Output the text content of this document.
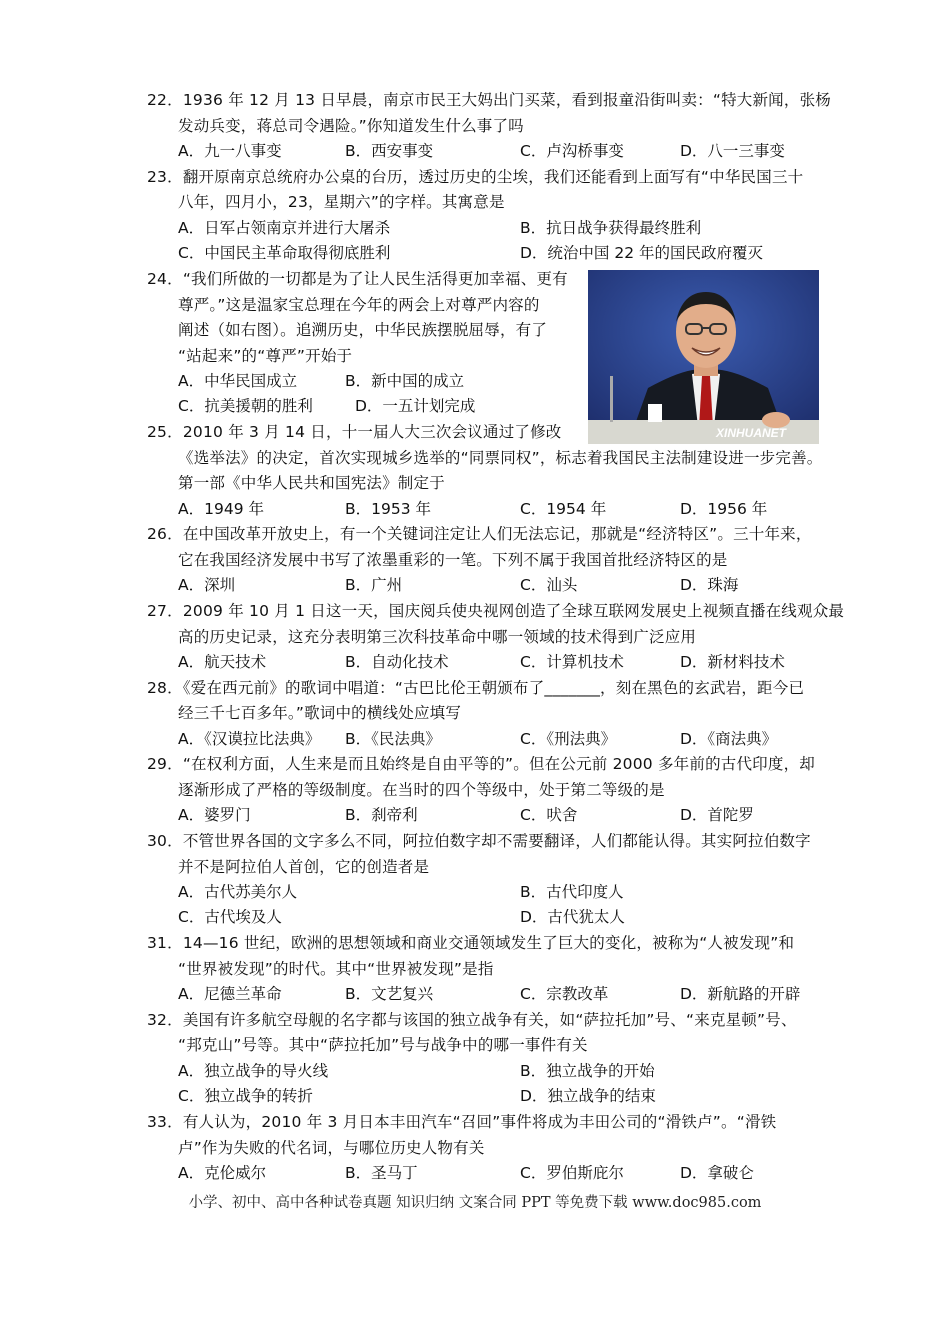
22．1936 年 12 月 13 日早晨，南京市民王大妈出门买菜，看到报童沿街叫卖：“特大新闻，张杨
发动兵变，蒋总司令遇险。”你知道发生什么事了吗
A．九一八事变	B．西安事变	C．卢沟桥事变	D．八一三事变
23．翻开原南京总统府办公桌的台历，透过历史的尘埃，我们还能看到上面写有“中华民国三十
八年，四月小，23，星期六”的字样。其寓意是
A．日军占领南京并进行大屠杀	B．抗日战争获得最终胜利
C．中国民主革命取得彻底胜利	D．统治中国 22 年的国民政府覆灭
24．“我们所做的一切都是为了让人民生活得更加幸福、更有
尊严。”这是温家宝总理在今年的两会上对尊严内容的
阐述（如右图）。追溯历史，中华民族摆脱屈辱，有了
“站起来”的“尊严”开始于
A．中华民国成立	B．新中国的成立
C．抗美援朝的胜利	D．一五计划完成
25．2010 年 3 月 14 日，十一届人大三次会议通过了修改
《选举法》的决定，首次实现城乡选举的“同票同权”，标志着我国民主法制建设进一步完善。
第一部《中华人民共和国宪法》制定于
A．1949 年	B．1953 年	C．1954 年	D．1956 年
26．在中国改革开放史上，有一个关键词注定让人们无法忘记，那就是“经济特区”。三十年来，
它在我国经济发展中书写了浓墨重彩的一笔。下列不属于我国首批经济特区的是
A．深圳	B．广州	C．汕头	D．珠海
27．2009 年 10 月 1 日这一天，国庆阅兵使央视网创造了全球互联网发展史上视频直播在线观众最
高的历史记录，这充分表明第三次科技革命中哪一领域的技术得到广泛应用
A．航天技术	B．自动化技术	C．计算机技术	D．新材料技术
28．《爱在西元前》的歌词中唱道：“古巴比伦王朝颁布了_______，刻在黑色的玄武岩，距今已
经三千七百多年。”歌词中的横线处应填写
A．《汉谟拉比法典》 B．《民法典》	C．《刑法典》	D．《商法典》
29．“在权利方面，人生来是而且始终是自由平等的”。但在公元前 2000 多年前的古代印度，却
逐渐形成了严格的等级制度。在当时的四个等级中，处于第二等级的是
A．婆罗门	B．刹帝利	C．吠舍	D．首陀罗
30．不管世界各国的文字多么不同，阿拉伯数字却不需要翻译，人们都能认得。其实阿拉伯数字
并不是阿拉伯人首创，它的创造者是
A．古代苏美尔人	B．古代印度人
C．古代埃及人	D．古代犹太人
31．14—16 世纪，欧洲的思想领域和商业交通领域发生了巨大的变化，被称为“人被发现”和
“世界被发现”的时代。其中“世界被发现”是指
A．尼德兰革命	B．文艺复兴	C．宗教改革	D．新航路的开辟
32．美国有许多航空母舰的名字都与该国的独立战争有关，如“萨拉托加”号、“来克星顿”号、
“邦克山”号等。其中“萨拉托加”号与战争中的哪一事件有关
A．独立战争的导火线	B．独立战争的开始
C．独立战争的转折	D．独立战争的结束
33．有人认为，2010 年 3 月日本丰田汽车“召回”事件将成为丰田公司的“滑铁卢”。“滑铁
卢”作为失败的代名词，与哪位历史人物有关
A．克伦威尔	B．圣马丁	C．罗伯斯庇尔	D．拿破仑
XINHUANET
小学、初中、高中各种试卷真题 知识归纳 文案合同 PPT 等免费下载 www.doc985.com
